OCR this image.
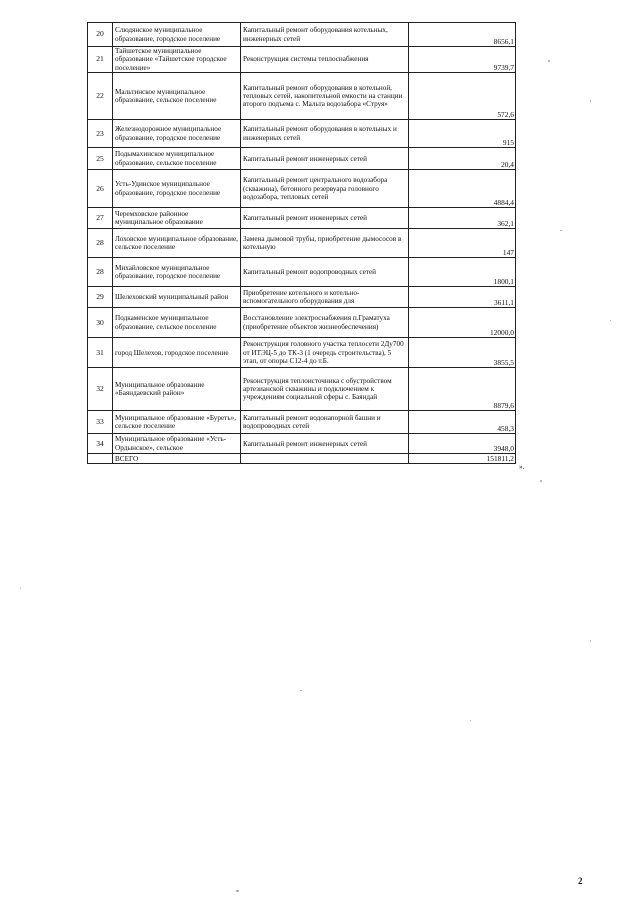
20	Слюдянское муниципальное образование, городское поселение	Капитальный ремонт оборудования котельных, инженерных сетей	8656,1
21	Тайшетское муниципальное образование «Тайшетское городское поселение»	Реконструкция системы теплоснабжения	9739,7
22	Мальтинское муниципальное образование, сельское поселение	Капитальный ремонт оборудования в котельной, тепловых сетей, накопительной емкости на станции второго подъема с. Мальта водозабора «Струя»	572,6
23	Железнодорожное муниципальное образование, городское поселение	Капитальный ремонт оборудования в котельных и инженерных сетей	915
25	Подымахинское муниципальное образование, сельское поселение	Капитальный ремонт инженерных сетей	20,4
26	Усть-Удинское муниципальное образование, городское поселение	Капитальный ремонт центрального водозабора (скважина), бетонного резервуара головного водозабора, тепловых сетей	4884,4
27	Черемховское районное муниципальное образование	Капитальный ремонт инженерных сетей	362,1
28	Лоховское муниципальное образование, сельское поселение	Замена дымовой трубы, приобретение дымососов в котельную	147
28	Михайловское муниципальное образование, городское поселение	Капитальный ремонт водопроводных сетей	1800,1
29	Шелеховский муниципальный район	Приобретение котельного и котельно-вспомогательного оборудования для	3611,1
30	Подкаменское муниципальное образование, сельское поселение	Восстановление электроснабжения п.Граматуха (приобретение объектов жизнеобеспечения)	12000,0
31	город Шелехов, городское поселение	Реконструкция головного участка теплосети 2Ду700 от ИТЭЦ-5 до ТК-3 (1 очередь строительства), 5 этап, от опоры С12-4 до т.Б.	3855,5
32	Муниципальное образование «Баяндаевский район»	Реконструкция теплоисточника с обустройством артезианской скважины и подключением к учреждениям социальной сферы с. Баяндай	8879,6
33	Муниципальное образование «Буреть», сельское поселение	Капитальный ремонт водонапорной башни и водопроводных сетей	458,3
34	Муниципальное образование «Усть-Ордынское», сельское	Капитальный ремонт инженерных сетей	3948,0
	ВСЕГО		151811,2
».
2
